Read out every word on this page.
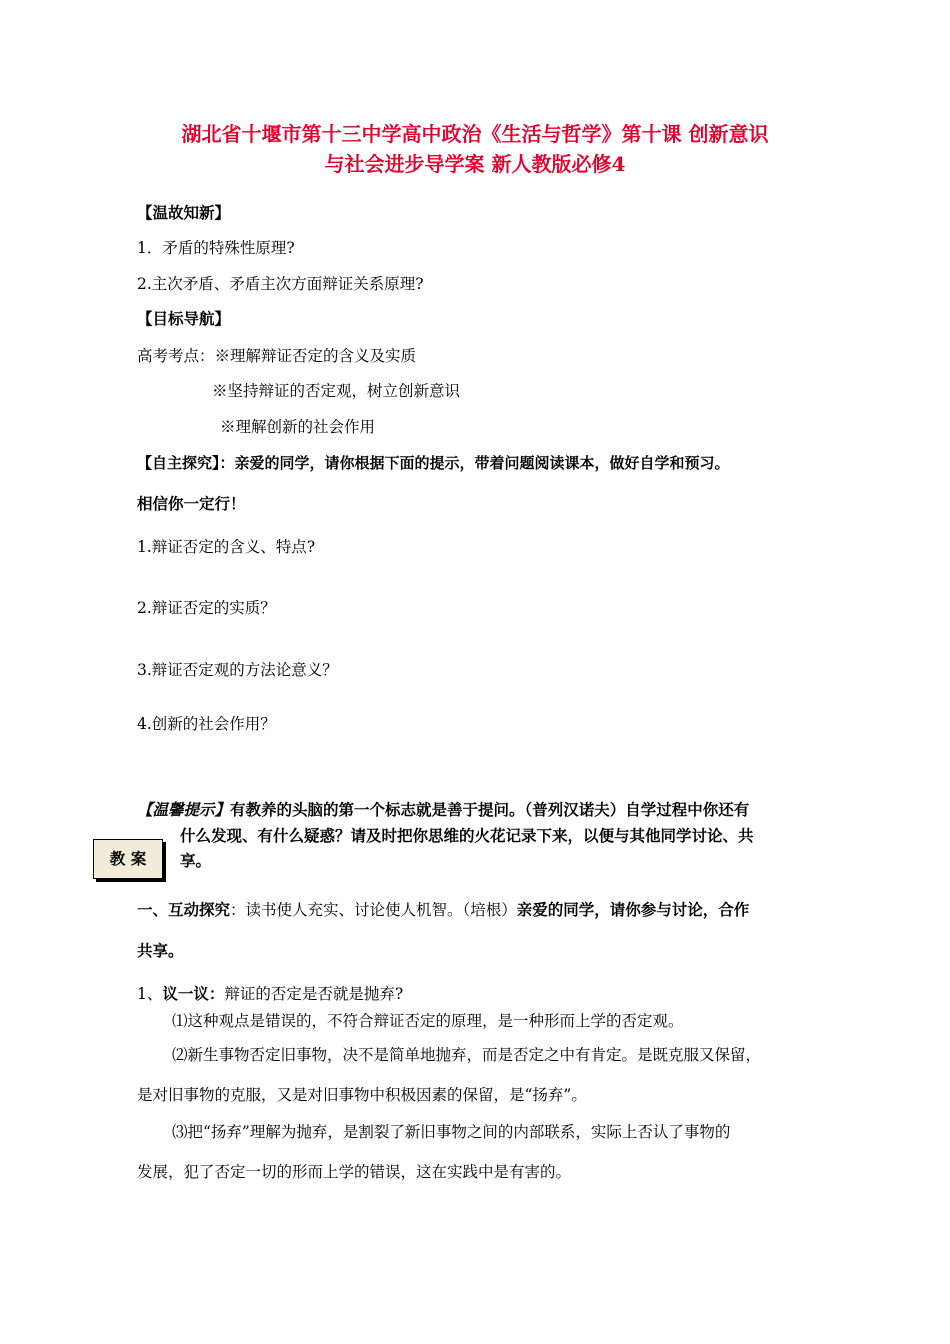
湖北省十堰市第十三中学高中政治《生活与哲学》第十课 创新意识
与社会进步导学案 新人教版必修4
【温故知新】
1．矛盾的特殊性原理?
2.主次矛盾、矛盾主次方面辩证关系原理?
【目标导航】
高考考点：※理解辩证否定的含义及实质
※坚持辩证的否定观，树立创新意识
※理解创新的社会作用
【自主探究】：亲爱的同学，请你根据下面的提示，带着问题阅读课本，做好自学和预习。
相信你一定行！
1.辩证否定的含义、特点?
2.辩证否定的实质？
3.辩证否定观的方法论意义？
4.创新的社会作用？
【温馨提示】有教养的头脑的第一个标志就是善于提问。（普列汉诺夫）自学过程中你还有
什么发现、有什么疑惑？请及时把你思维的火花记录下来，以便与其他同学讨论、共
享。
教 案
一、互动探究：读书使人充实、讨论使人机智。（培根）亲爱的同学，请你参与讨论，合作
共享。
1、议一议：辩证的否定是否就是抛弃?
⑴这种观点是错误的，不符合辩证否定的原理，是一种形而上学的否定观。
⑵新生事物否定旧事物，决不是简单地抛弃，而是否定之中有肯定。是既克服又保留，
是对旧事物的克服，又是对旧事物中积极因素的保留，是“扬弃”。
⑶把“扬弃”理解为抛弃，是割裂了新旧事物之间的内部联系，实际上否认了事物的
发展，犯了否定一切的形而上学的错误，这在实践中是有害的。
